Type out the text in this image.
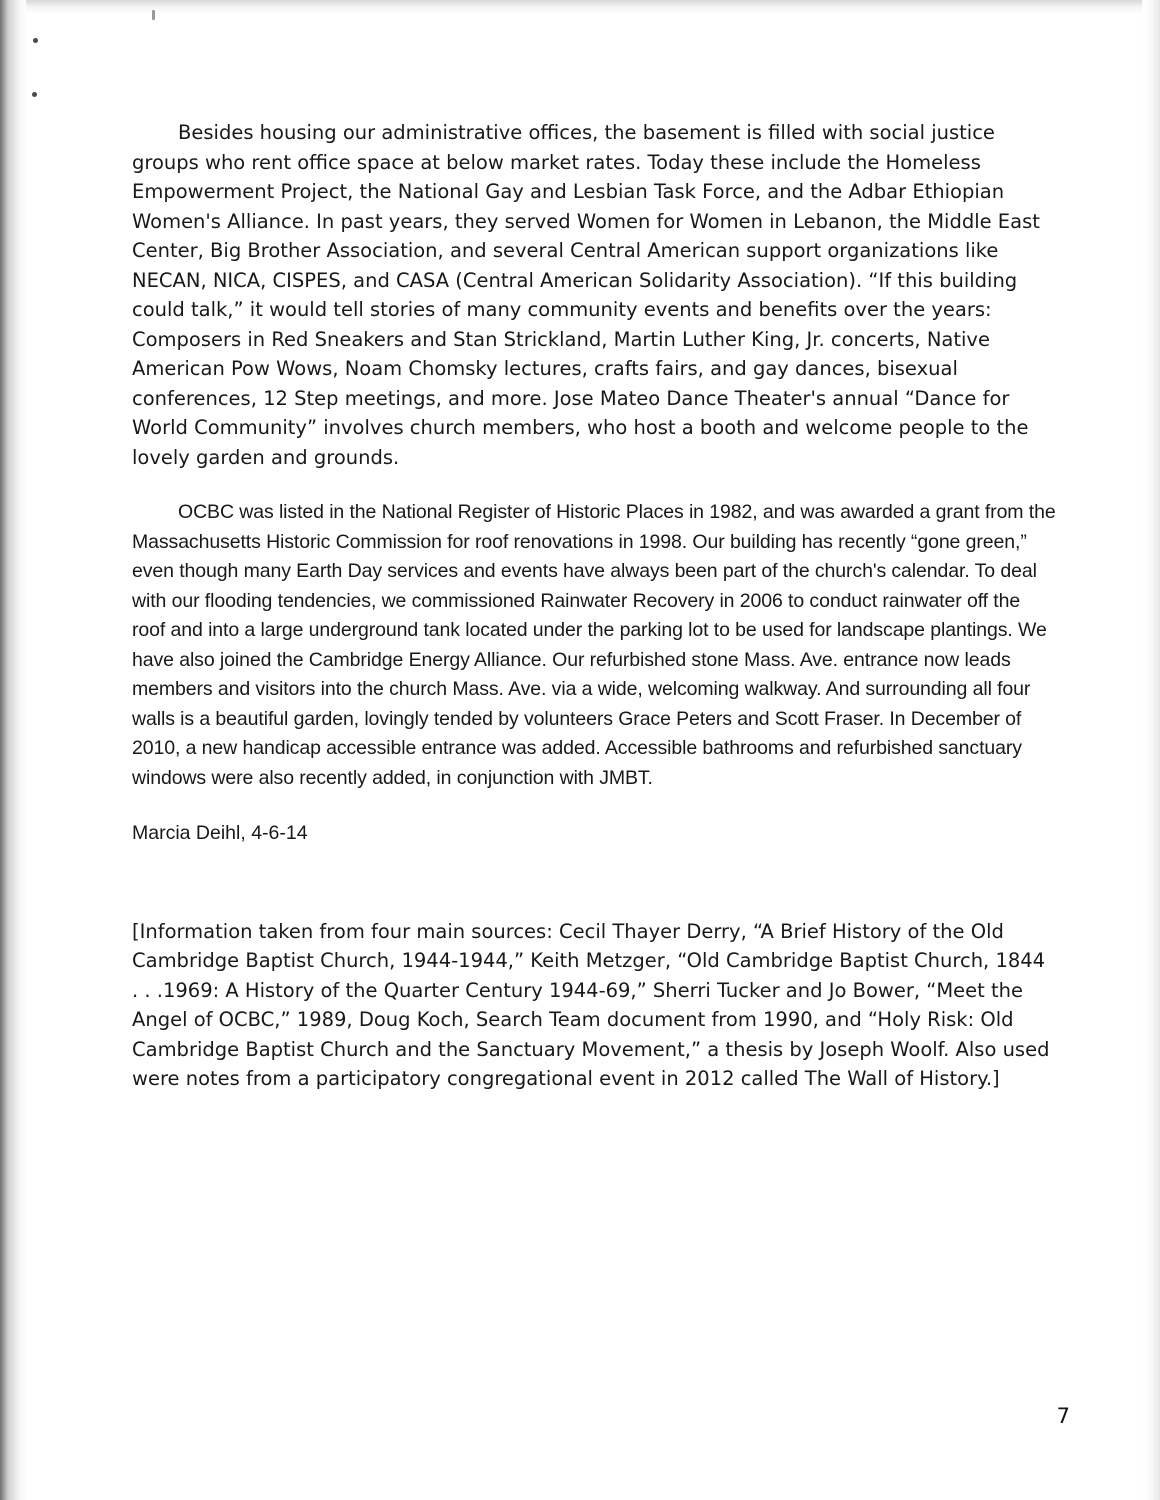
Besides housing our administrative offices, the basement is filled with social justice groups who rent office space at below market rates. Today these include the Homeless Empowerment Project, the National Gay and Lesbian Task Force, and the Adbar Ethiopian Women's Alliance. In past years, they served Women for Women in Lebanon, the Middle East Center, Big Brother Association, and several Central American support organizations like NECAN, NICA, CISPES, and CASA (Central American Solidarity Association). “If this building could talk,” it would tell stories of many community events and benefits over the years: Composers in Red Sneakers and Stan Strickland, Martin Luther King, Jr. concerts, Native American Pow Wows, Noam Chomsky lectures, crafts fairs, and gay dances, bisexual conferences, 12 Step meetings, and more. Jose Mateo Dance Theater's annual “Dance for World Community” involves church members, who host a booth and welcome people to the lovely garden and grounds.

OCBC was listed in the National Register of Historic Places in 1982, and was awarded a grant from the Massachusetts Historic Commission for roof renovations in 1998. Our building has recently “gone green,” even though many Earth Day services and events have always been part of the church's calendar. To deal with our flooding tendencies, we commissioned Rainwater Recovery in 2006 to conduct rainwater off the roof and into a large underground tank located under the parking lot to be used for landscape plantings. We have also joined the Cambridge Energy Alliance. Our refurbished stone Mass. Ave. entrance now leads members and visitors into the church Mass. Ave. via a wide, welcoming walkway. And surrounding all four walls is a beautiful garden, lovingly tended by volunteers Grace Peters and Scott Fraser. In December of 2010, a new handicap accessible entrance was added. Accessible bathrooms and refurbished sanctuary windows were also recently added, in conjunction with JMBT.

Marcia Deihl, 4-6-14

[Information taken from four main sources: Cecil Thayer Derry, “A Brief History of the Old Cambridge Baptist Church, 1944-1944,” Keith Metzger, “Old Cambridge Baptist Church, 1844 . . .1969: A History of the Quarter Century 1944-69,” Sherri Tucker and Jo Bower, “Meet the Angel of OCBC,” 1989, Doug Koch, Search Team document from 1990, and “Holy Risk: Old Cambridge Baptist Church and the Sanctuary Movement,” a thesis by Joseph Woolf. Also used were notes from a participatory congregational event in 2012 called The Wall of History.]

7
